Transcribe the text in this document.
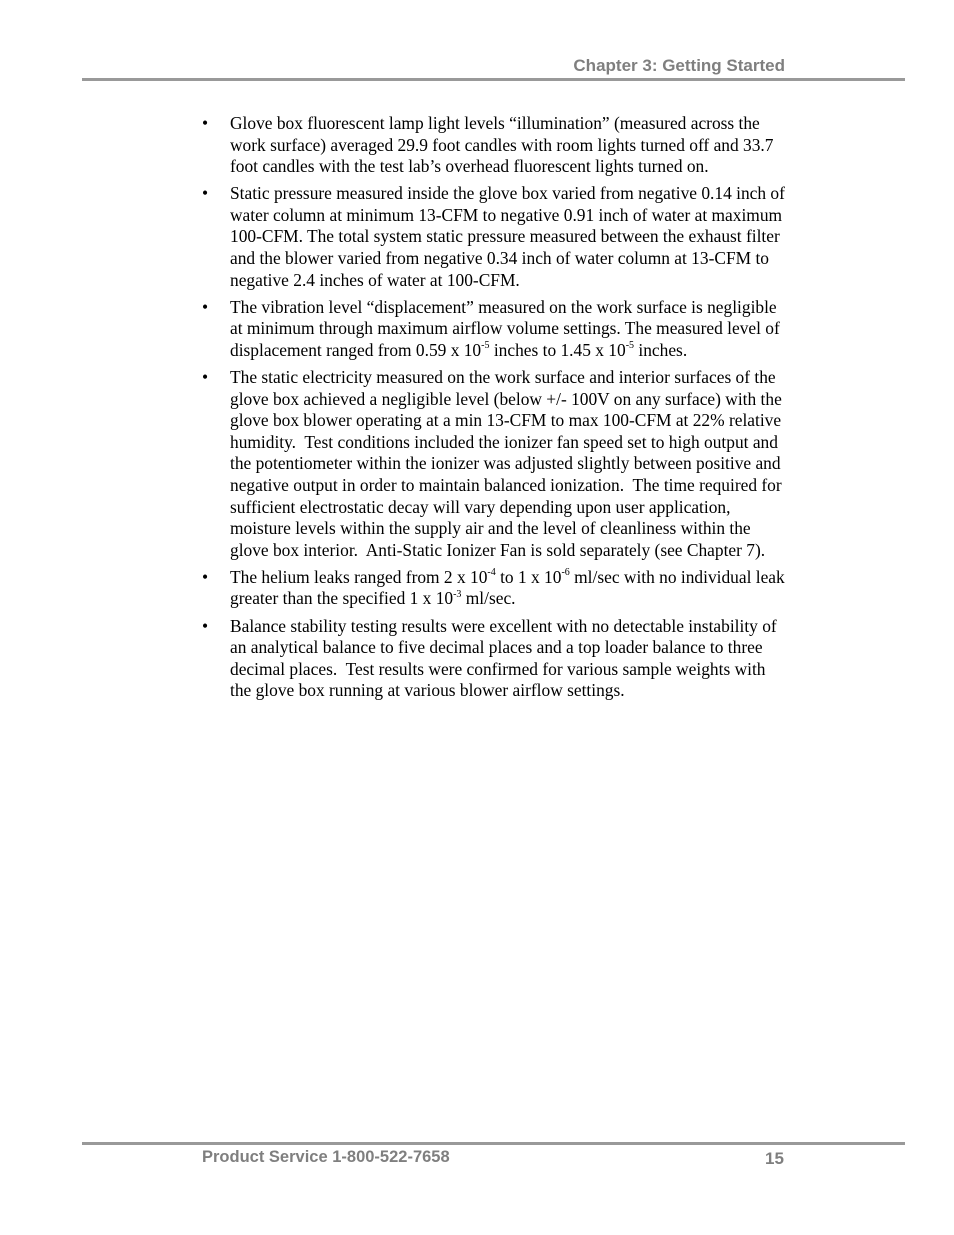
Chapter 3: Getting Started
• Glove box fluorescent lamp light levels “illumination” (measured across the work surface) averaged 29.9 foot candles with room lights turned off and 33.7 foot candles with the test lab’s overhead fluorescent lights turned on.
• Static pressure measured inside the glove box varied from negative 0.14 inch of water column at minimum 13-CFM to negative 0.91 inch of water at maximum 100-CFM. The total system static pressure measured between the exhaust filter and the blower varied from negative 0.34 inch of water column at 13-CFM to negative 2.4 inches of water at 100-CFM.
• The vibration level “displacement” measured on the work surface is negligible at minimum through maximum airflow volume settings. The measured level of displacement ranged from 0.59 x $10^{-5}$ inches to 1.45 x $10^{-5}$ inches.
• The static electricity measured on the work surface and interior surfaces of the glove box achieved a negligible level (below +/- 100V on any surface) with the glove box blower operating at a min 13-CFM to max 100-CFM at 22% relative humidity.  Test conditions included the ionizer fan speed set to high output and the potentiometer within the ionizer was adjusted slightly between positive and negative output in order to maintain balanced ionization.  The time required for sufficient electrostatic decay will vary depending upon user application, moisture levels within the supply air and the level of cleanliness within the glove box interior.  Anti-Static Ionizer Fan is sold separately (see Chapter 7).
• The helium leaks ranged from 2 x $10^{-4}$ to 1 x $10^{-6}$ ml/sec with no individual leak greater than the specified 1 x $10^{-3}$ ml/sec.
• Balance stability testing results were excellent with no detectable instability of an analytical balance to five decimal places and a top loader balance to three decimal places.  Test results were confirmed for various sample weights with the glove box running at various blower airflow settings.
Product Service 1-800-522-7658	15
